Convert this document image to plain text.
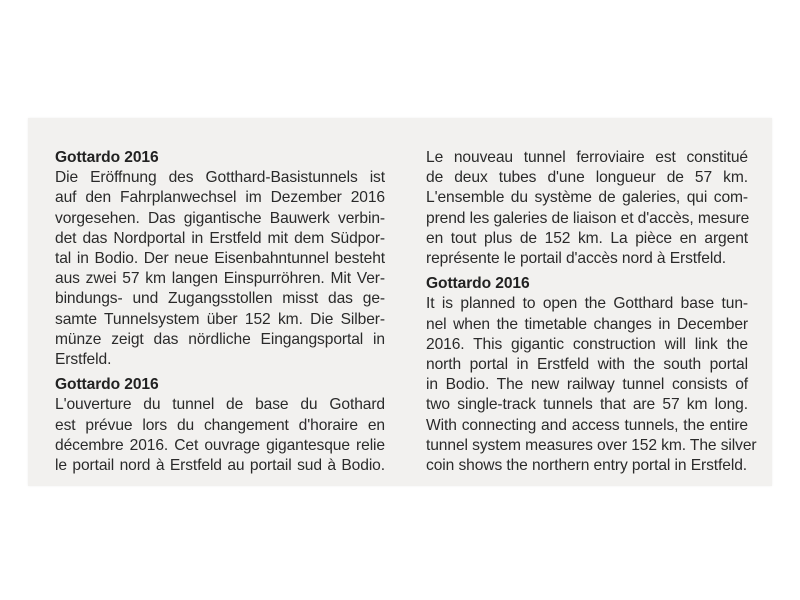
Gottardo 2016
Die Eröffnung des Gotthard-Basistunnels ist
auf den Fahrplanwechsel im Dezember 2016
vorgesehen. Das gigantische Bauwerk verbin-
det das Nordportal in Erstfeld mit dem Südpor-
tal in Bodio. Der neue Eisenbahntunnel besteht
aus zwei 57 km langen Einspurröhren. Mit Ver-
bindungs- und Zugangsstollen misst das ge-
samte Tunnelsystem über 152 km. Die Silber-
münze zeigt das nördliche Eingangsportal in
Erstfeld.
Gottardo 2016
L'ouverture du tunnel de base du Gothard
est prévue lors du changement d'horaire en
décembre 2016. Cet ouvrage gigantesque relie
le portail nord à Erstfeld au portail sud à Bodio.
Le nouveau tunnel ferroviaire est constitué
de deux tubes d'une longueur de 57 km.
L'ensemble du système de galeries, qui com-
prend les galeries de liaison et d'accès, mesure
en tout plus de 152 km. La pièce en argent
représente le portail d'accès nord à Erstfeld.
Gottardo 2016
It is planned to open the Gotthard base tun-
nel when the timetable changes in December
2016. This gigantic construction will link the
north portal in Erstfeld with the south portal
in Bodio. The new railway tunnel consists of
two single-track tunnels that are 57 km long.
With connecting and access tunnels, the entire
tunnel system measures over 152 km. The silver
coin shows the northern entry portal in Erstfeld.
